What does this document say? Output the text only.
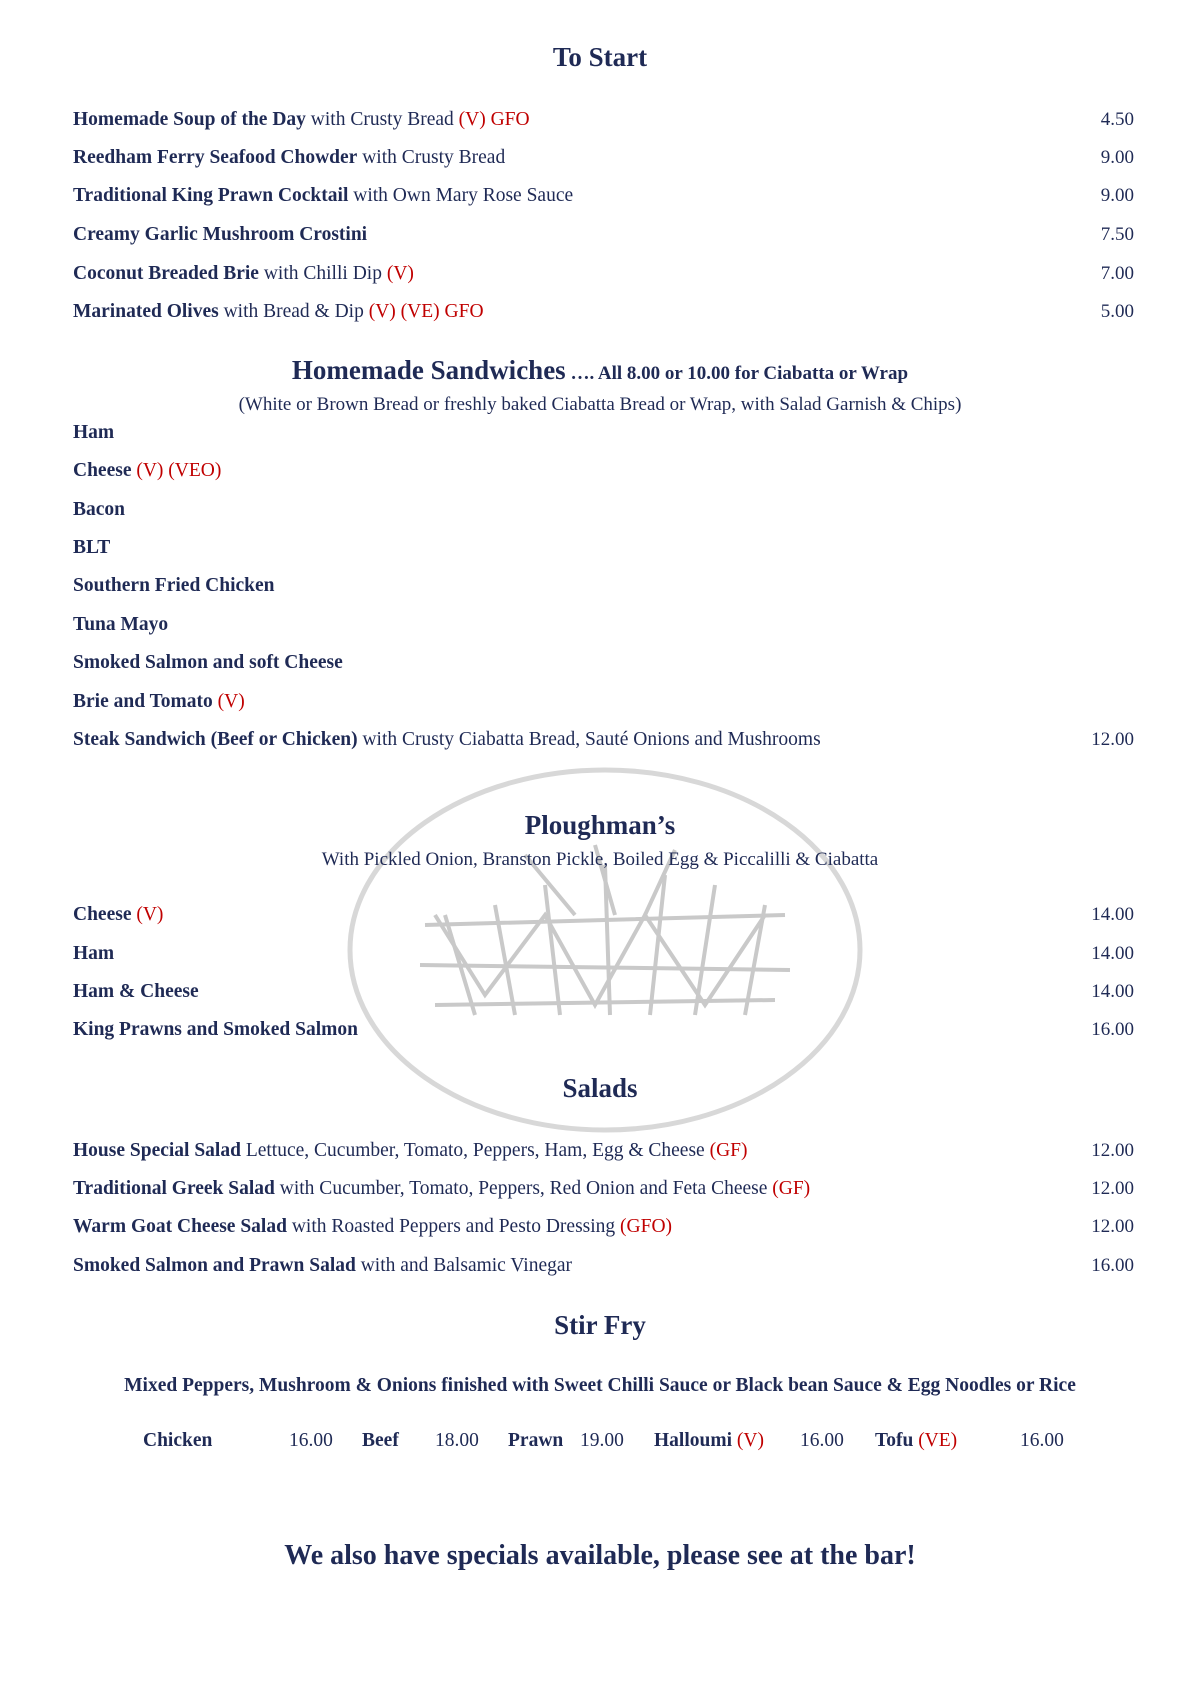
To Start
Homemade Soup of the Day with Crusty Bread (V) GFO	4.50
Reedham Ferry Seafood Chowder with Crusty Bread	9.00
Traditional King Prawn Cocktail with Own Mary Rose Sauce	9.00
Creamy Garlic Mushroom Crostini	7.50
Coconut Breaded Brie with Chilli Dip (V)	7.00
Marinated Olives with Bread & Dip (V) (VE) GFO	5.00
Homemade Sandwiches …. All 8.00 or 10.00 for Ciabatta or Wrap
(White or Brown Bread or freshly baked Ciabatta Bread or Wrap, with Salad Garnish & Chips)
Ham
Cheese (V) (VEO)
Bacon
BLT
Southern Fried Chicken
Tuna Mayo
Smoked Salmon and soft Cheese
Brie and Tomato (V)
Steak Sandwich (Beef or Chicken) with Crusty Ciabatta Bread, Sauté Onions and Mushrooms	12.00
Ploughman’s
With Pickled Onion, Branston Pickle, Boiled Egg & Piccalilli & Ciabatta
Cheese (V)	14.00
Ham	14.00
Ham & Cheese	14.00
King Prawns and Smoked Salmon	16.00
Salads
House Special Salad Lettuce, Cucumber, Tomato, Peppers, Ham, Egg & Cheese (GF)	12.00
Traditional Greek Salad with Cucumber, Tomato, Peppers, Red Onion and Feta Cheese (GF)	12.00
Warm Goat Cheese Salad with Roasted Peppers and Pesto Dressing (GFO)	12.00
Smoked Salmon and Prawn Salad with and Balsamic Vinegar	16.00
Stir Fry
Mixed Peppers, Mushroom & Onions finished with Sweet Chilli Sauce or Black bean Sauce & Egg Noodles or Rice
Chicken	16.00 Beef 18.00 Prawn 19.00 Halloumi (V) 16.00 Tofu (VE)	16.00
We also have specials available, please see at the bar!
